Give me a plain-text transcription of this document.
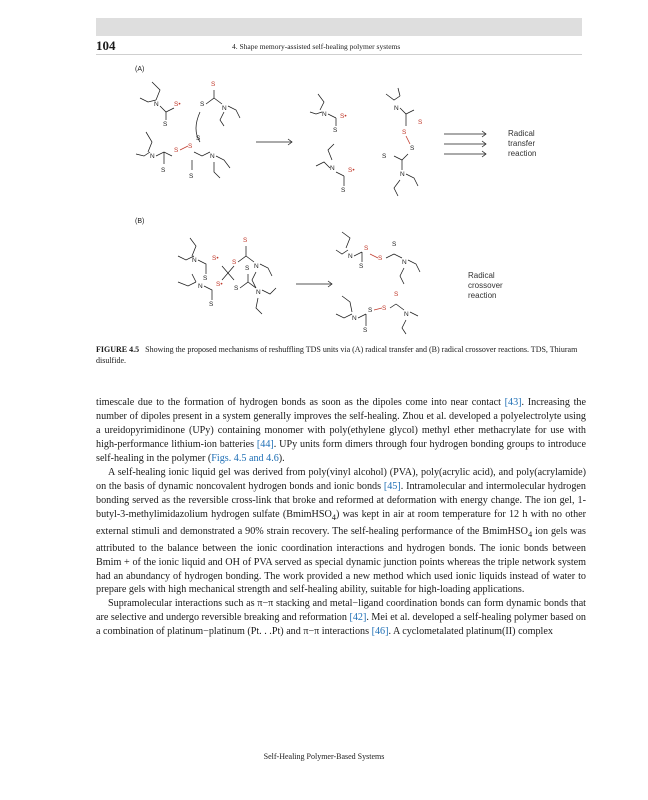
104	4. Shape memory-assisted self-healing polymer systems
(A)
(B)
N
S
S•	S
S
N
N
S
S
S
S
N
S
N
S
S•
N
S
S
S
S
N
N
S
S•
Radical
transfer
reaction
N
S
S•
S
S
N
N
S
S•
S
S
N
N
S
S
S
S
N
N
S
S S
S
N
Radical
crossover
reaction
FIGURE 4.5 Showing the proposed mechanisms of reshuffling TDS units via (A) radical transfer and (B) radical crossover reactions. TDS, Thiuram disulfide.

timescale due to the formation of hydrogen bonds as soon as the dipoles come into near contact [43]. Increasing the number of dipoles present in a system generally improves the self-healing. Zhou et al. developed a polyelectrolyte using a ureidopyrimidinone (UPy) containing monomer with poly(ethylene glycol) methyl ether methacrylate for use with high-performance lithium-ion batteries [44]. UPy units form dimers through four hydrogen bonding groups to introduce self-healing in the polymer (Figs. 4.5 and 4.6).

A self-healing ionic liquid gel was derived from poly(vinyl alcohol) (PVA), poly(acrylic acid), and poly(acrylamide) on the basis of dynamic noncovalent hydrogen bonds and ionic bonds [45]. Intramolecular and intermolecular hydrogen bonding served as the reversible cross-link that broke and reformed at deformation with energy change. The ion gel, 1-butyl-3-methylimidazolium hydrogen sulfate (BmimHSO$_4$) was kept in air at room temperature for 12 h with no other external stimuli and demonstrated a 90% strain recovery. The self-healing performance of the BmimHSO$_4$ ion gels was attributed to the balance between the ionic coordination interactions and hydrogen bonds. The ionic bonds between Bmim + of the ionic liquid and OH of PVA served as special dynamic junction points whereas the triple network system had an abundancy of hydrogen bonding. The work provided a new method which used ionic liquids instead of water to prepare gels with high mechanical strength and self-healing ability, suitable for high-loading applications.

Supramolecular interactions such as π−π stacking and metal−ligand coordination bonds can form dynamic bonds that are selective and undergo reversible breaking and reformation [42]. Mei et al. developed a self-healing polymer based on a combination of platinum−platinum (Pt. . .Pt) and π−π interactions [46]. A cyclometalated platinum(II) complex

Self-Healing Polymer-Based Systems
